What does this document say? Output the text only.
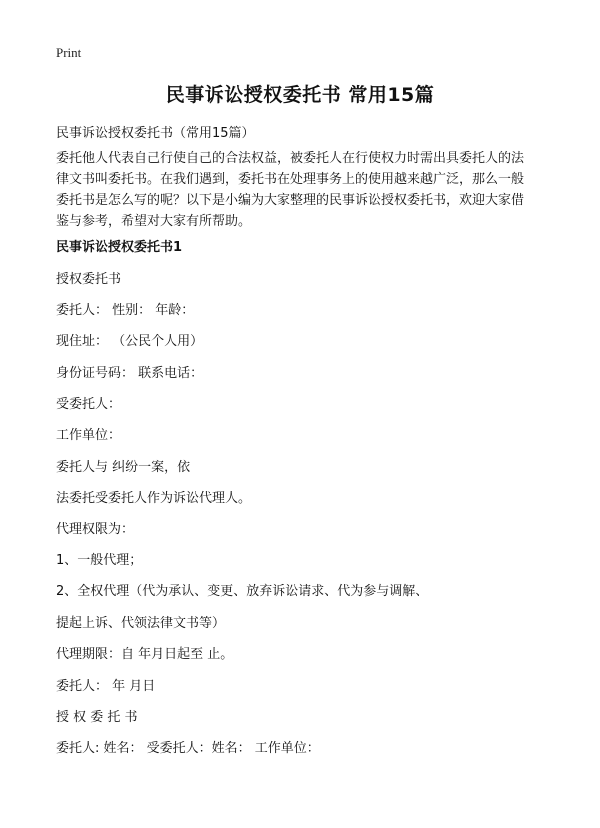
Print
民事诉讼授权委托书 常用15篇
民事诉讼授权委托书（常用15篇）
委托他人代表自己行使自己的合法权益，被委托人在行使权力时需出具委托人的法
律文书叫委托书。在我们遇到，委托书在处理事务上的使用越来越广泛，那么一般
委托书是怎么写的呢？以下是小编为大家整理的民事诉讼授权委托书，欢迎大家借
鉴与参考，希望对大家有所帮助。
民事诉讼授权委托书1
授权委托书
委托人： 性别： 年龄：
现住址： （公民个人用）
身份证号码： 联系电话：
受委托人：
工作单位：
委托人与 纠纷一案，依
法委托受委托人作为诉讼代理人。
代理权限为：
1、一般代理；
2、全权代理（代为承认、变更、放弃诉讼请求、代为参与调解、
提起上诉、代领法律文书等）
代理期限：自 年月日起至 止。
委托人： 年 月日
授 权 委 托 书
委托人: 姓名： 受委托人：姓名： 工作单位：
